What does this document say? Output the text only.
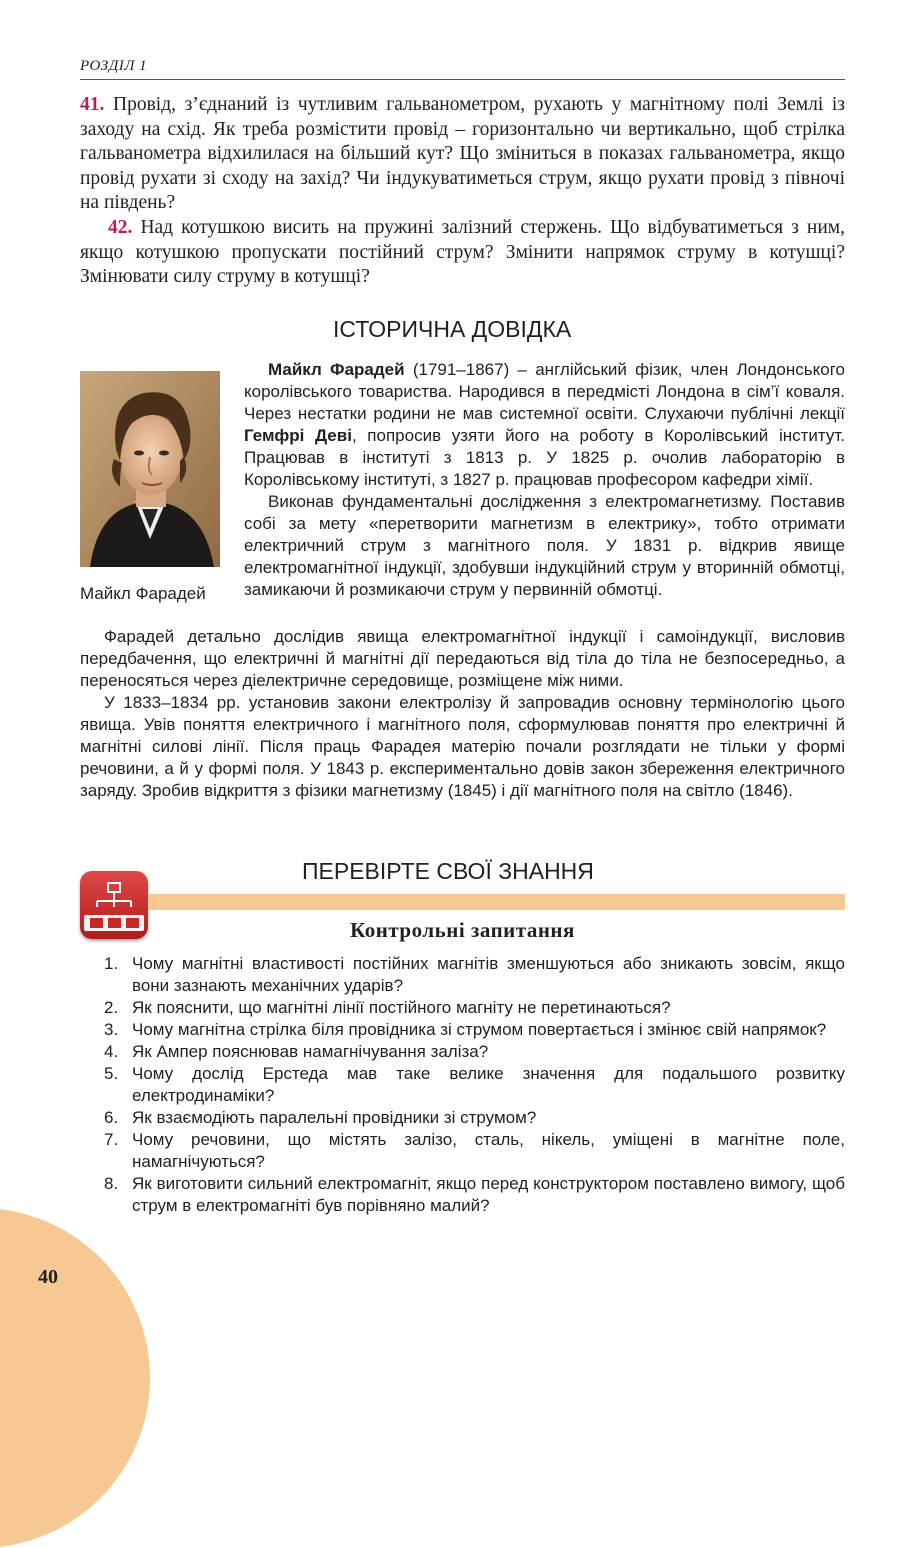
РОЗДІЛ 1
41. Провід, з’єднаний із чутливим гальванометром, рухають у магнітному полі Землі із заходу на схід. Як треба розмістити провід – горизонтально чи вертикально, щоб стрілка гальванометра відхилилася на більший кут? Що зміниться в показах гальванометра, якщо провід рухати зі сходу на захід? Чи індукуватиметься струм, якщо рухати провід з півночі на південь?
42. Над котушкою висить на пружині залізний стержень. Що відбуватиметься з ним, якщо котушкою пропускати постійний струм? Змінити напрямок струму в котушці? Змінювати силу струму в котушці?
ІСТОРИЧНА ДОВІДКА
Майкл Фарадей

Майкл Фарадей (1791–1867) – англійський фізик, член Лондонського королівського товариства. Народився в передмісті Лондона в сім’ї коваля. Через нестатки родини не мав системної освіти. Слухаючи публічні лекції Гемфрі Деві, попросив узяти його на роботу в Королівський інститут. Працював в інституті з 1813 р. У 1825 р. очолив лабораторію в Королівському інституті, з 1827 р. працював професором кафедри хімії.

Виконав фундаментальні дослідження з електромагнетизму. Поставив собі за мету «перетворити магнетизм в електрику», тобто отримати електричний струм з магнітного поля. У 1831 р. відкрив явище електромагнітної індукції, здобувши індукційний струм у вторинній обмотці, замикаючи й розмикаючи струм у первинній обмотці.

Фарадей детально дослідив явища електромагнітної індукції і самоіндукції, висловив передбачення, що електричні й магнітні дії передаються від тіла до тіла не безпосередньо, а переносяться через діелектричне середовище, розміщене між ними.

У 1833–1834 рр. установив закони електролізу й запровадив основну термінологію цього явища. Увів поняття електричного і магнітного поля, сформулював поняття про електричні й магнітні силові лінії. Після праць Фарадея матерію почали розглядати не тільки у формі речовини, а й у формі поля. У 1843 р. експериментально довів закон збереження електричного заряду. Зробив відкриття з фізики магнетизму (1845) і дії магнітного поля на світло (1846).

ПЕРЕВІРТЕ СВОЇ ЗНАННЯ
Контрольні запитання
1. Чому магнітні властивості постійних магнітів зменшуються або зникають зовсім, якщо вони зазнають механічних ударів?
2. Як пояснити, що магнітні лінії постійного магніту не перетинаються?
3. Чому магнітна стрілка біля провідника зі струмом повертається і змінює свій напрямок?
4. Як Ампер пояснював намагнічування заліза?
5. Чому дослід Ерстеда мав таке велике значення для подальшого розвитку електродинаміки?
6. Як взаємодіють паралельні провідники зі струмом?
7. Чому речовини, що містять залізо, сталь, нікель, уміщені в магнітне поле, намагнічуються?
8. Як виготовити сильний електромагніт, якщо перед конструктором поставлено вимогу, щоб струм в електромагніті був порівняно малий?
40
